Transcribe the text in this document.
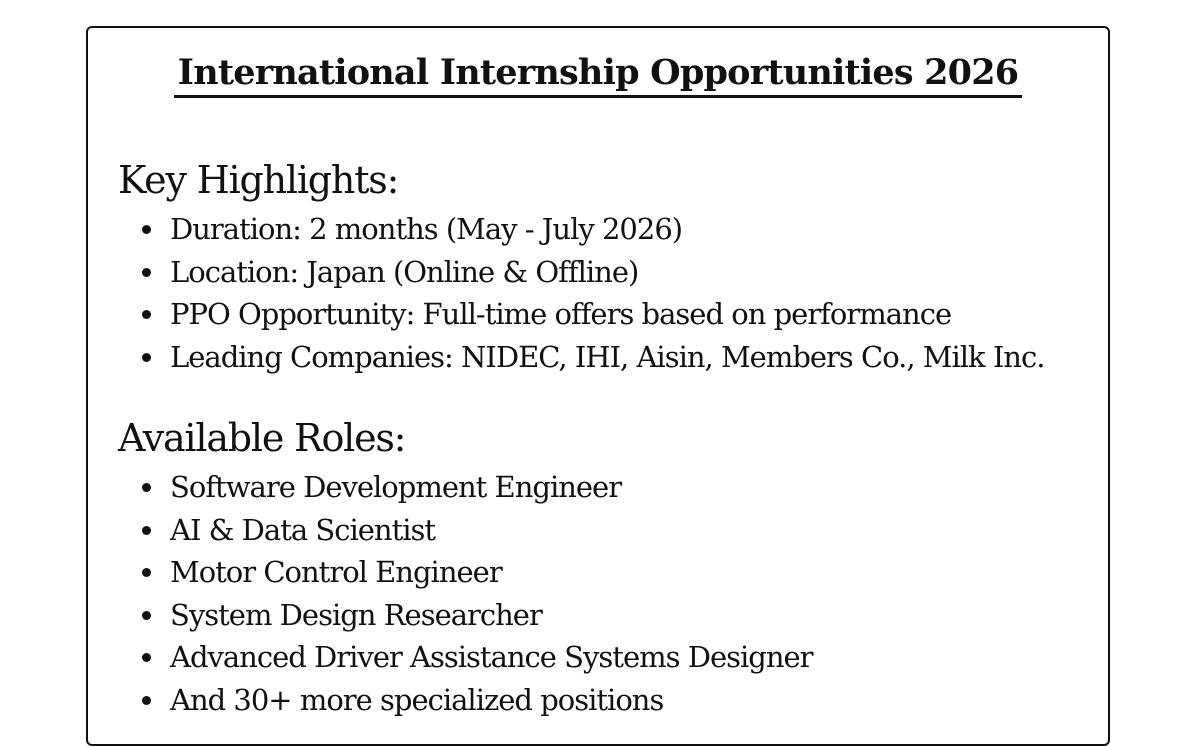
International Internship Opportunities 2026
Key Highlights:
Duration: 2 months (May - July 2026)
Location: Japan (Online & Offline)
PPO Opportunity: Full-time offers based on performance
Leading Companies: NIDEC, IHI, Aisin, Members Co., Milk Inc.
Available Roles:
Software Development Engineer
AI & Data Scientist
Motor Control Engineer
System Design Researcher
Advanced Driver Assistance Systems Designer
And 30+ more specialized positions
